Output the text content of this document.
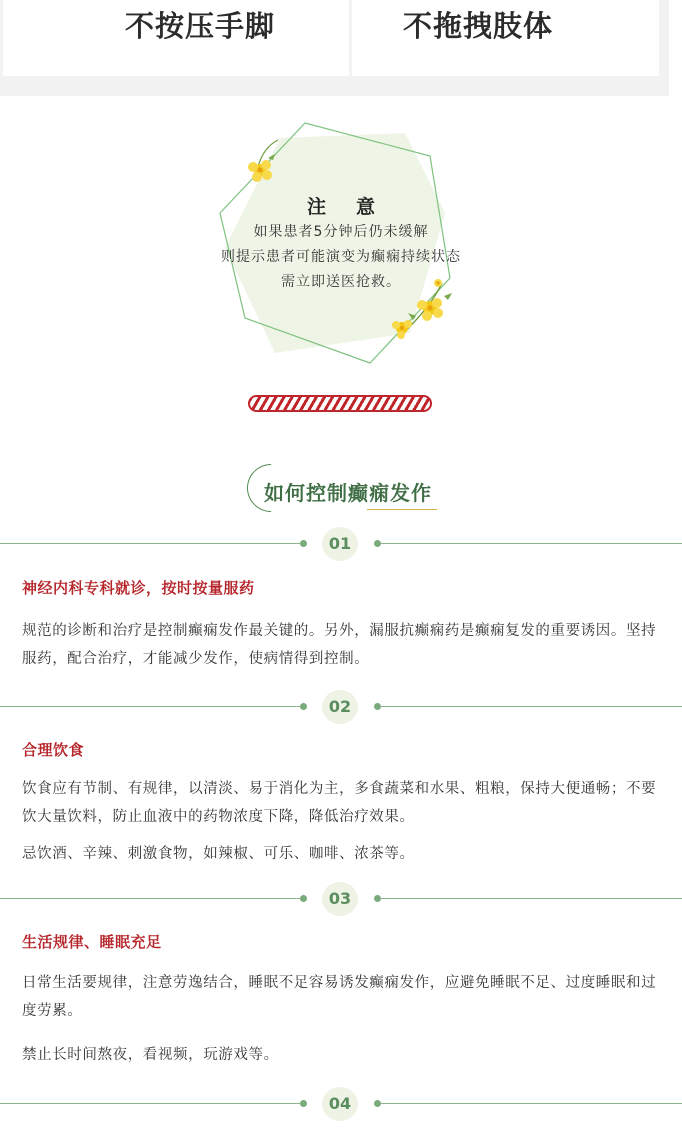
不按压手脚	不拖拽肢体
注意
如果患者5分钟后仍未缓解
则提示患者可能演变为癫痫持续状态
需立即送医抢救。
如何控制癫痫发作
01
神经内科专科就诊，按时按量服药

规范的诊断和治疗是控制癫痫发作最关键的。另外，漏服抗癫痫药是癫痫复发的重要诱因。坚持服药，配合治疗，才能减少发作，使病情得到控制。

02
合理饮食

饮食应有节制、有规律，以清淡、易于消化为主，多食蔬菜和水果、粗粮，保持大便通畅；不要饮大量饮料，防止血液中的药物浓度下降，降低治疗效果。

忌饮酒、辛辣、刺激食物，如辣椒、可乐、咖啡、浓茶等。

03
生活规律、睡眠充足

日常生活要规律，注意劳逸结合，睡眠不足容易诱发癫痫发作，应避免睡眠不足、过度睡眠和过度劳累。

禁止长时间熬夜，看视频，玩游戏等。

04
